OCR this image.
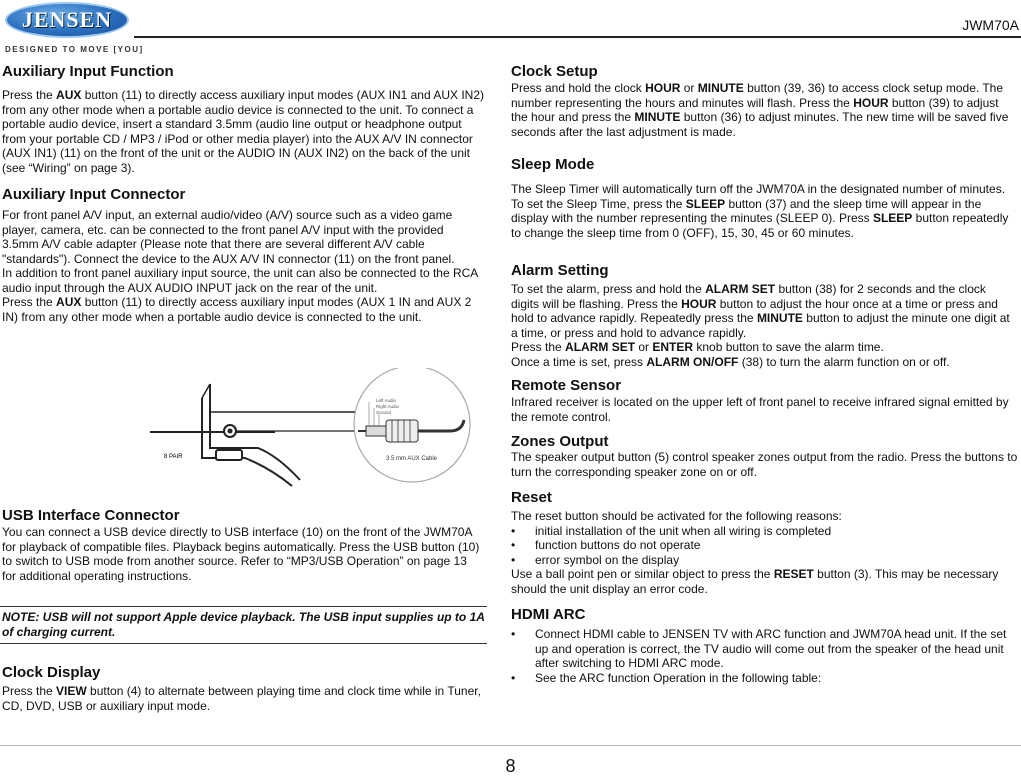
JENSEN
DESIGNED TO MOVE [YOU]
JWM70A
Auxiliary Input Function

Press the AUX button (11) to directly access auxiliary input modes (AUX IN1 and AUX IN2) from any other mode when a portable audio device is connected to the unit. To connect a portable audio device, insert a standard 3.5mm (audio line output or headphone output from your portable CD / MP3 / iPod or other media player) into the AUX A/V IN connector (AUX IN1) (11) on the front of the unit or the AUDIO IN (AUX IN2) on the back of the unit (see “Wiring” on page 3).

Auxiliary Input Connector
For front panel A/V input, an external audio/video (A/V) source such as a video game player, camera, etc. can be connected to the front panel A/V input with the provided 3.5mm A/V cable adapter (Please note that there are several different A/V cable "standards"). Connect the device to the AUX A/V IN connector (11) on the front panel.
In addition to front panel auxiliary input source, the unit can also be connected to the RCA audio input through the AUX AUDIO INPUT jack on the rear of the unit.
Press the AUX button (11) to directly access auxiliary input modes (AUX 1 IN and AUX 2 IN) from any other mode when a portable audio device is connected to the unit.
8 PAIR
Left Audio
Right Audio
Ground
3.5 mm AUX Cable
USB Interface Connector

You can connect a USB device directly to USB interface (10) on the front of the JWM70A for playback of compatible files. Playback begins automatically. Press the USB button (10) to switch to USB mode from another source. Refer to “MP3/USB Operation” on page 13 for additional operating instructions.

NOTE: USB will not support Apple device playback. The USB input supplies up to 1A of charging current.
Clock Display

Press the VIEW button (4) to alternate between playing time and clock time while in Tuner, CD, DVD, USB or auxiliary input mode.

Clock Setup

Press and hold the clock HOUR or MINUTE button (39, 36) to access clock setup mode. The number representing the hours and minutes will flash. Press the HOUR button (39) to adjust the hour and press the MINUTE button (36) to adjust minutes. The new time will be saved five seconds after the last adjustment is made.

Sleep Mode

The Sleep Timer will automatically turn off the JWM70A in the designated number of minutes. To set the Sleep Time, press the SLEEP button (37) and the sleep time will appear in the display with the number representing the minutes (SLEEP 0). Press SLEEP button repeatedly to change the sleep time from 0 (OFF), 15, 30, 45 or 60 minutes.

Alarm Setting
To set the alarm, press and hold the ALARM SET button (38) for 2 seconds and the clock digits will be flashing. Press the HOUR button to adjust the hour once at a time or press and hold to advance rapidly. Repeatedly press the MINUTE button to adjust the minute one digit at a time, or press and hold to advance rapidly.
Press the ALARM SET or ENTER knob button to save the alarm time.
Once a time is set, press ALARM ON/OFF (38) to turn the alarm function on or off.
Remote Sensor

Infrared receiver is located on the upper left of front panel to receive infrared signal emitted by the remote control.

Zones Output

The speaker output button (5) control speaker zones output from the radio. Press the buttons to turn the corresponding speaker zone on or off.

Reset
The reset button should be activated for the following reasons:
• initial installation of the unit when all wiring is completed
• function buttons do not operate
• error symbol on the display
Use a ball point pen or similar object to press the RESET button (3). This may be necessary should the unit display an error code.
HDMI ARC
• Connect HDMI cable to JENSEN TV with ARC function and JWM70A head unit. If the set up and operation is correct, the TV audio will come out from the speaker of the head unit after switching to HDMI ARC mode.
• See the ARC function Operation in the following table:
8
